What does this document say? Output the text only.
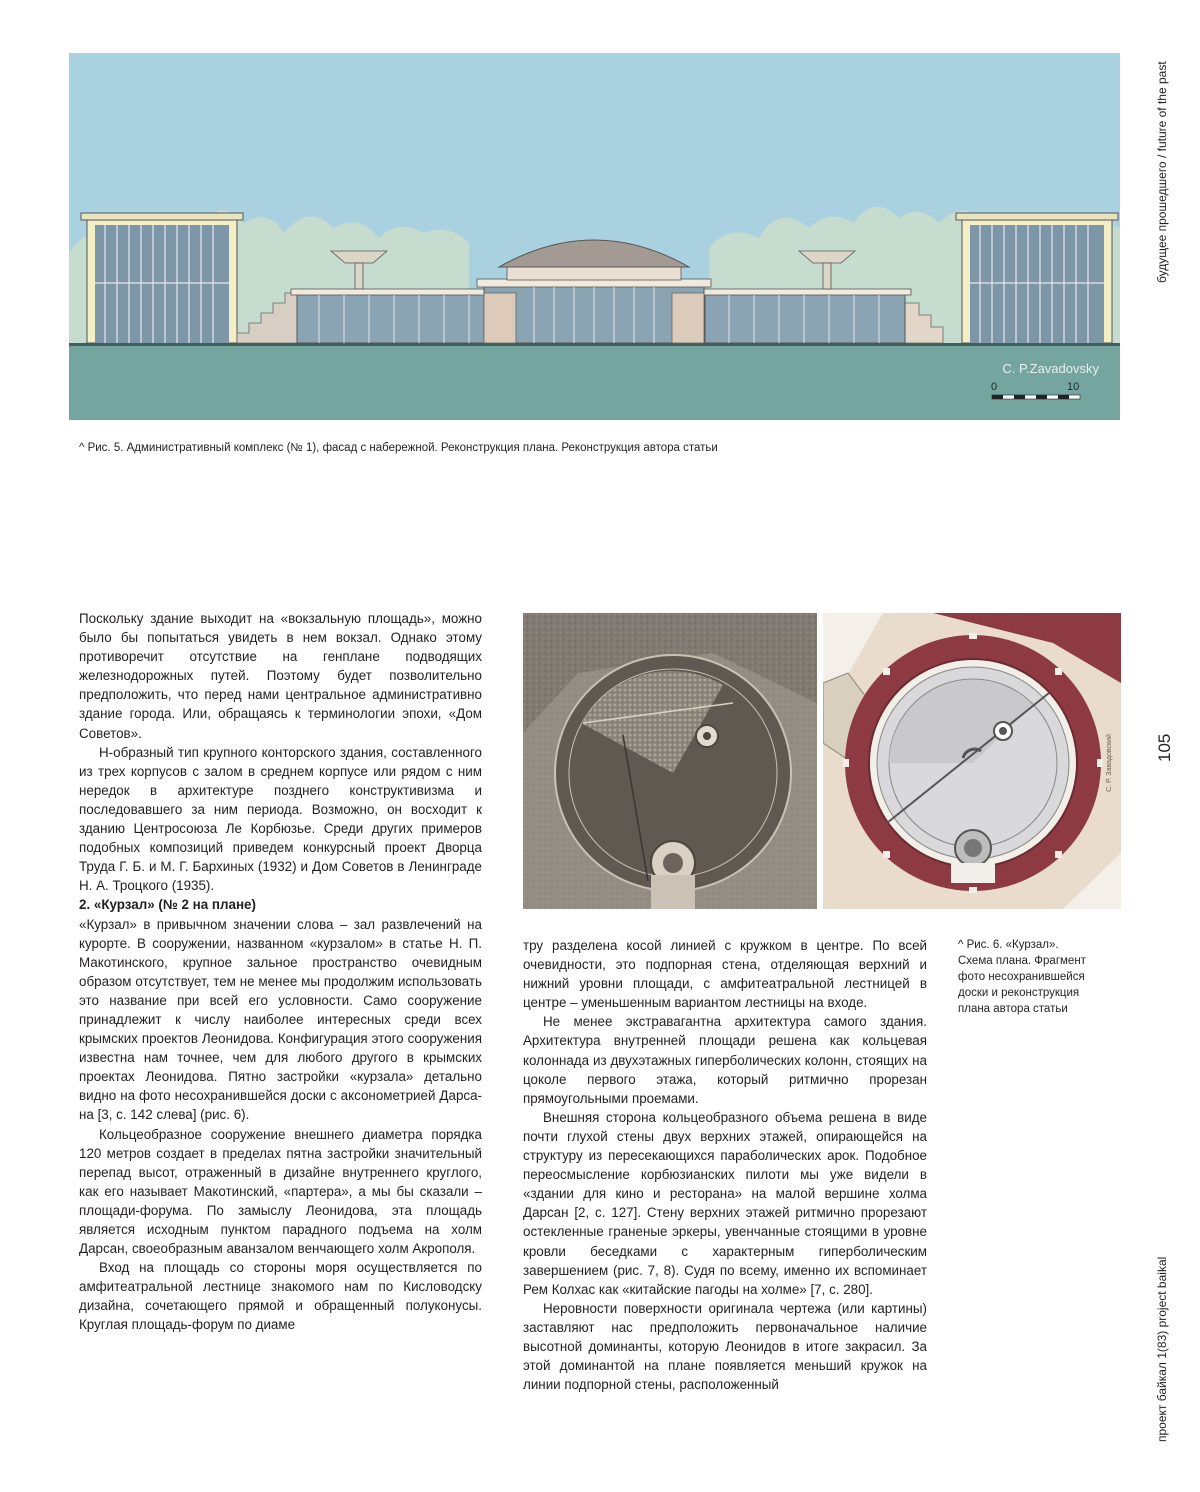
будущее прошедшего / future of the past
105
проект байкал 1(83) project baikal
C. P.Zavadovsky
0	10
^ Рис. 5. Административный комплекс (№ 1), фасад с набережной. Реконструкция плана. Реконструкция автора статьи
С. Р. Завадовский

^ Рис. 6. «Курзал».

Схема плана. Фрагмент

фото несохранившейся

доски и реконструкция

плана автора статьи

Поскольку здание выходит на «вокзальную площадь», можно было бы попытаться увидеть в нем вокзал. Однако этому противоречит отсутствие на генплане подводящих железнодорожных путей. Поэтому будет позволительно предположить, что перед нами центральное административно здание города. Или, обращаясь к терминологии эпохи, «Дом Советов».

Н-образный тип крупного конторского здания, составленного из трех корпусов с залом в среднем корпусе или рядом с ним нередок в архитектуре позднего конструктивизма и последовавшего за ним периода. Возможно, он восходит к зданию Центросоюза Ле Корбюзье. Среди других примеров подобных композиций приведем конкурсный проект Дворца Труда Г. Б. и М. Г. Бархиных (1932) и Дом Советов в Ленинграде Н. А. Троцкого (1935).

2. «Курзал» (№ 2 на плане)

«Курзал» в привычном значении слова – зал развлечений на курорте. В сооружении, названном «курзалом» в статье Н. П. Макотинского, крупное зальное пространство очевидным образом отсутствует, тем не менее мы продолжим использовать это название при всей его условности. Само сооружение принадлежит к числу наиболее интересных среди всех крымских проектов Леонидова. Конфигурация этого сооружения известна нам точнее, чем для любого другого в крымских проектах Леонидова. Пятно застройки «курзала» детально видно на фото несохранившейся доски с аксонометрией Дарсана [3, с. 142 слева] (рис. 6).

Кольцеобразное сооружение внешнего диаметра порядка 120 метров создает в пределах пятна застройки значительный перепад высот, отраженный в дизайне внутреннего круглого, как его называет Макотинский, «партера», а мы бы сказали – площади-форума. По замыслу Леонидова, эта площадь является исходным пунктом парадного подъема на холм Дарсан, своеобразным аванзалом венчающего холм Акрополя.

Вход на площадь со стороны моря осуществляется по амфитеатральной лестнице знакомого нам по Кисловодску дизайна, сочетающего прямой и обращенный полуконусы. Круглая площадь-форум по диаме

тру разделена косой линией с кружком в центре. По всей очевидности, это подпорная стена, отделяющая верхний и нижний уровни площади, с амфитеатральной лестницей в центре – уменьшенным вариантом лестницы на входе.

Не менее экстравагантна архитектура самого здания. Архитектура внутренней площади решена как кольцевая колоннада из двухэтажных гиперболических колонн, стоящих на цоколе первого этажа, который ритмично прорезан прямоугольными проемами.

Внешняя сторона кольцеобразного объема решена в виде почти глухой стены двух верхних этажей, опирающейся на структуру из пересекающихся параболических арок. Подобное переосмысление корбюзианских пилоти мы уже видели в «здании для кино и ресторана» на малой вершине холма Дарсан [2, с. 127]. Стену верхних этажей ритмично прорезают остекленные граненые эркеры, увенчанные стоящими в уровне кровли беседками с характерным гиперболическим завершением (рис. 7, 8). Судя по всему, именно их вспоминает Рем Колхас как «китайские пагоды на холме» [7, с. 280].

Неровности поверхности оригинала чертежа (или картины) заставляют нас предположить первоначальное наличие высотной доминанты, которую Леонидов в итоге закрасил. За этой доминантой на плане появляется меньший кружок на линии подпорной стены, расположенный
